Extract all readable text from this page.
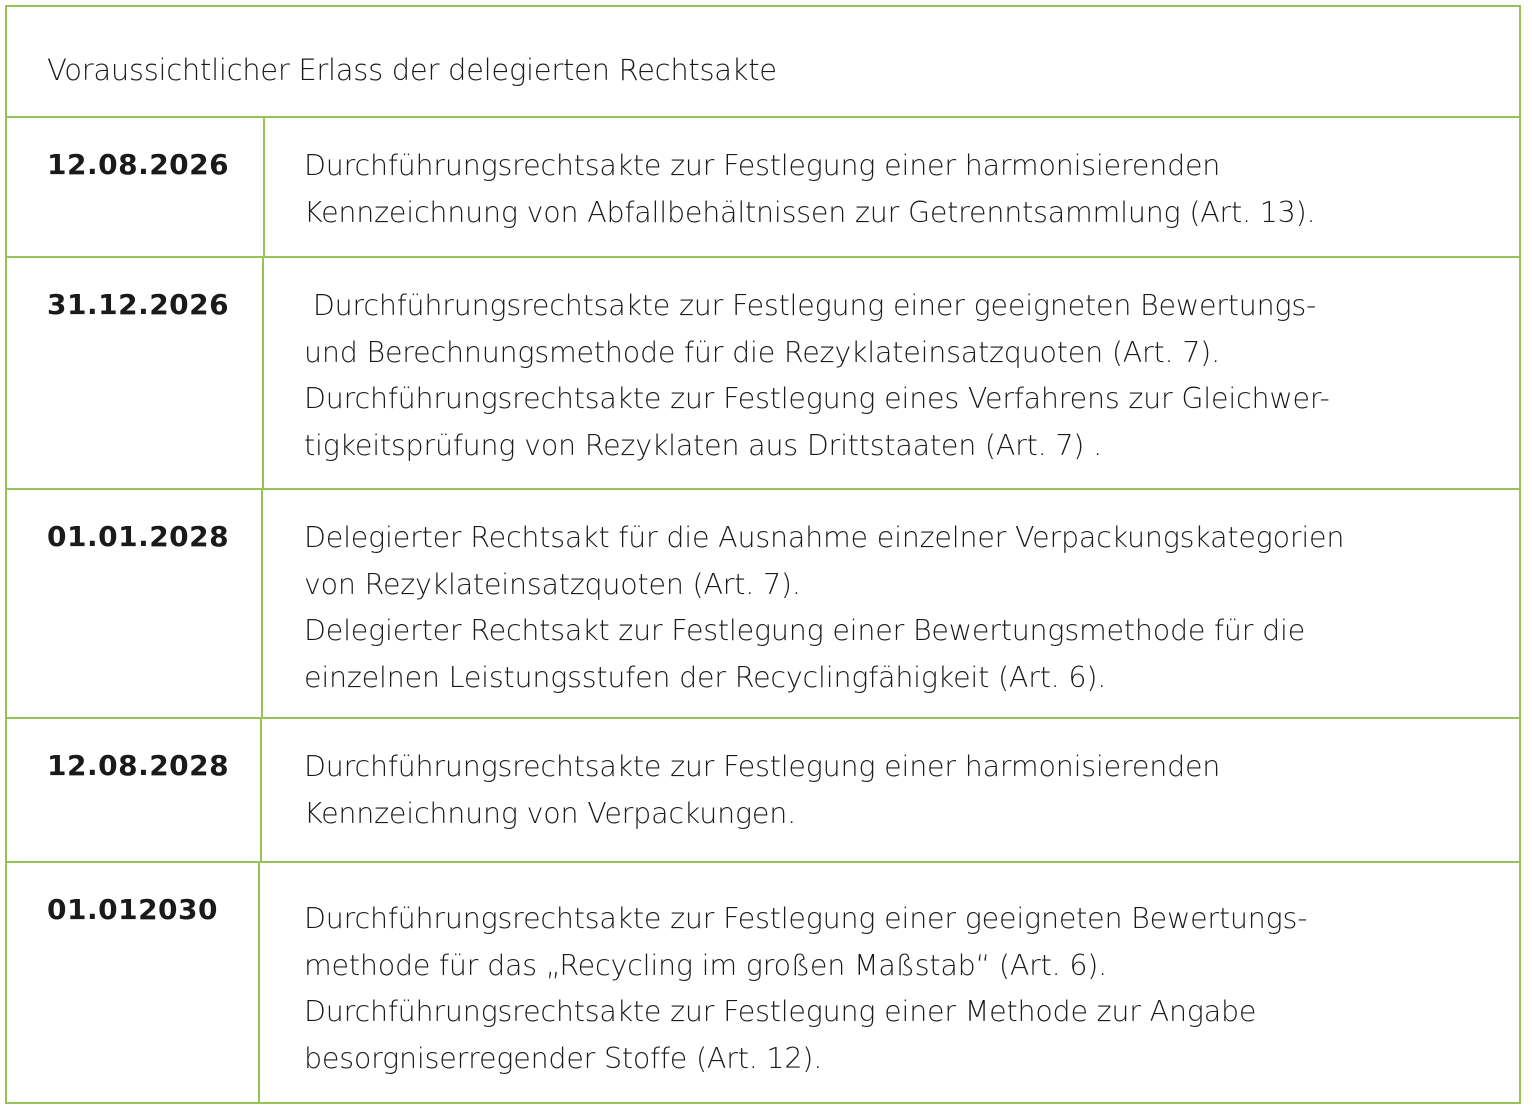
Voraussichtlicher Erlass der delegierten Rechtsakte
12.08.2026	Durchführungsrechtsakte zur Festlegung einer harmonisierenden
Kennzeichnung von Abfallbehältnissen zur Getrenntsammlung (Art. 13).
31.12.2026	Durchführungsrechtsakte zur Festlegung einer geeigneten Bewertungs-
und Berechnungsmethode für die Rezyklateinsatzquoten (Art. 7).
Durchführungsrechtsakte zur Festlegung eines Verfahrens zur Gleichwer-
tigkeitsprüfung von Rezyklaten aus Drittstaaten (Art. 7) .
01.01.2028	Delegierter Rechtsakt für die Ausnahme einzelner Verpackungskategorien
von Rezyklateinsatzquoten (Art. 7).
Delegierter Rechtsakt zur Festlegung einer Bewertungsmethode für die
einzelnen Leistungsstufen der Recyclingfähigkeit (Art. 6).
12.08.2028	Durchführungsrechtsakte zur Festlegung einer harmonisierenden
Kennzeichnung von Verpackungen.
01.012030	Durchführungsrechtsakte zur Festlegung einer geeigneten Bewertungs-
methode für das „Recycling im großen Maßstab“ (Art. 6).
Durchführungsrechtsakte zur Festlegung einer Methode zur Angabe
besorgniserregender Stoffe (Art. 12).
